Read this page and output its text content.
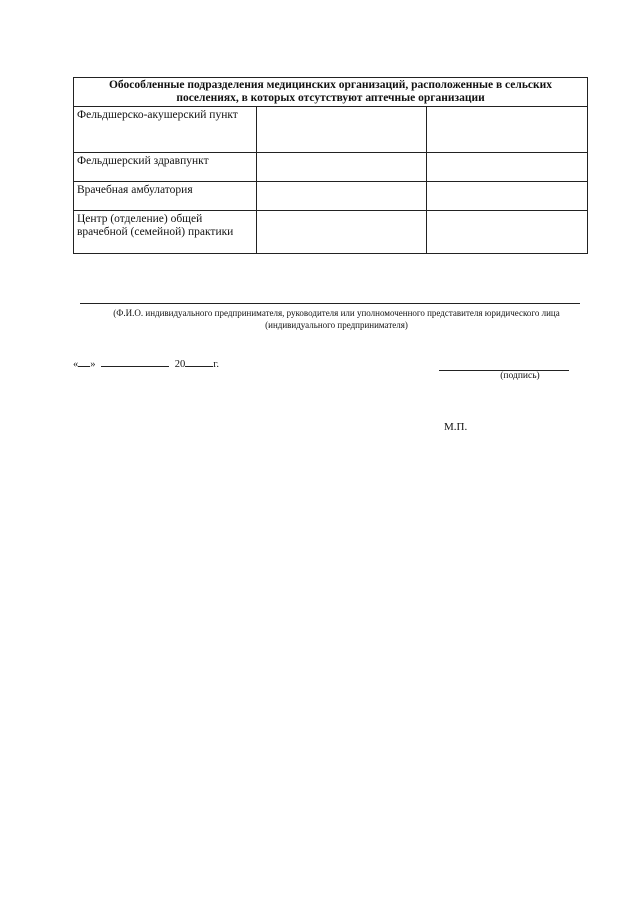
Обособленные подразделения медицинских организаций, расположенные в сельских поселениях, в которых отсутствуют аптечные организации		
Фельдшерско-акушерский пункт		
Фельдшерский здравпункт		
Врачебная амбулатория		
Центр (отделение) общей врачебной (семейной) практики		
(Ф.И.О. индивидуального предпринимателя, руководителя или уполномоченного представителя юридического лица
(индивидуального предпринимателя)
« »	20	г.
(подпись)
М.П.
